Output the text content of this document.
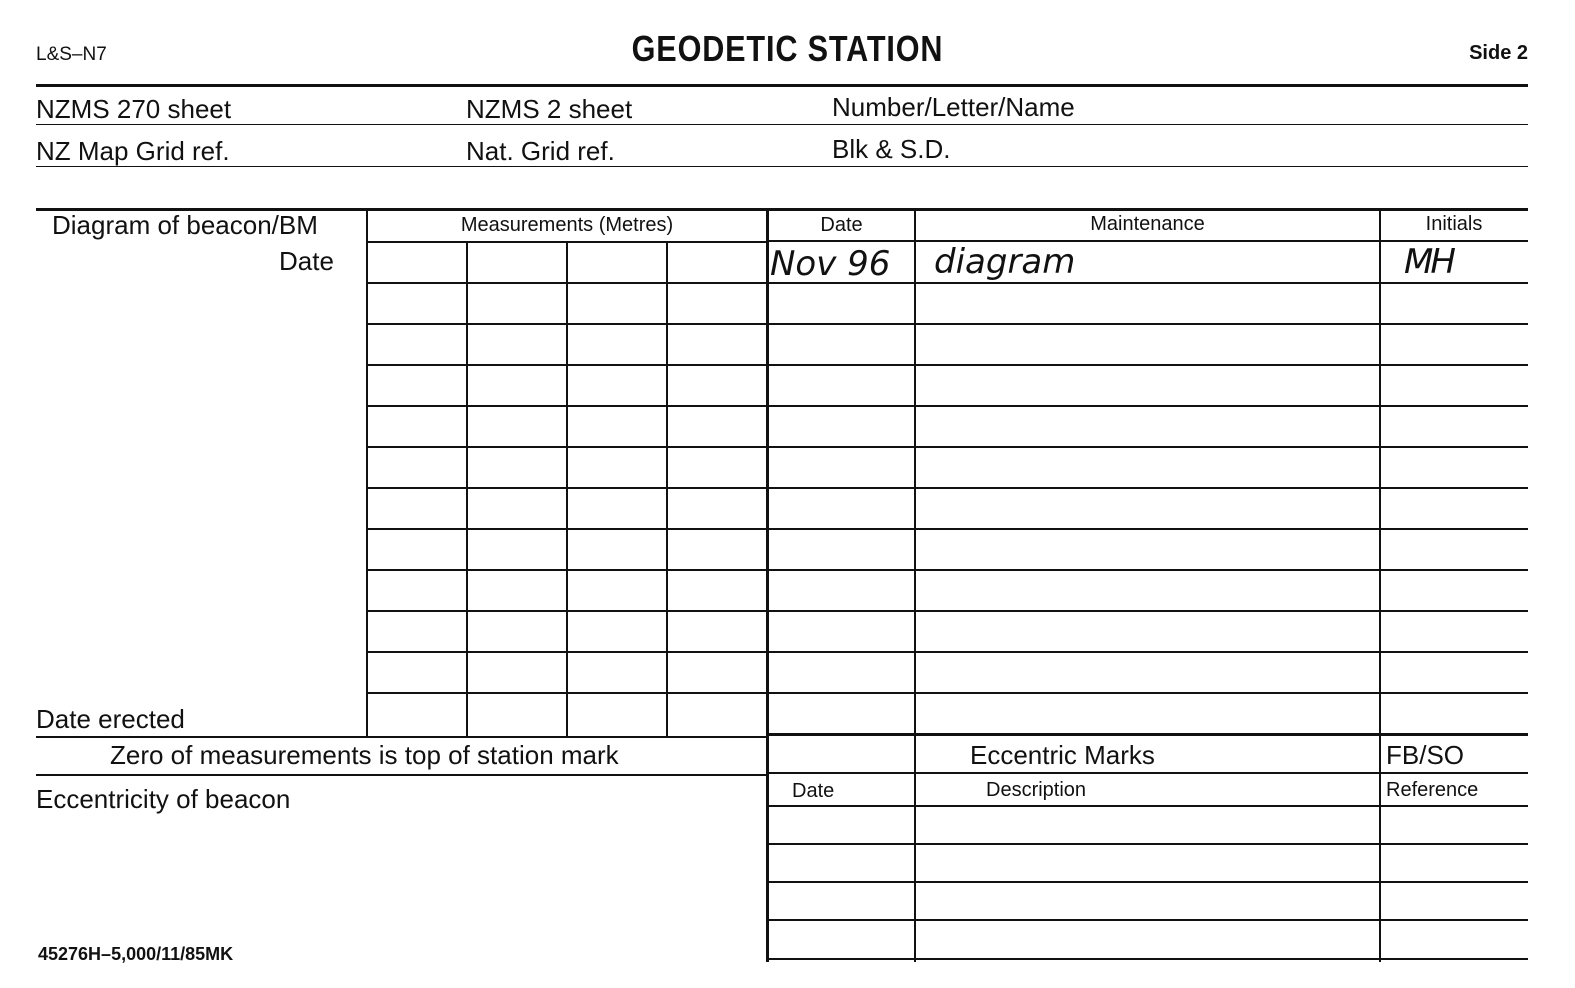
L&S–N7	GEODETIC STATION	Side 2
NZMS 270 sheet	NZMS 2 sheet	Number/Letter/Name
NZ Map Grid ref.	Nat. Grid ref.	Blk & S.D.
Diagram of beacon/BM
Date
Date erected
Zero of measurements is top of station mark
Eccentricity of beacon
Measurements (Metres)	Date	Maintenance	Initials
Nov 96 diagram	MH
Eccentric Marks	FB/SO
Date	Description	Reference
45276H–5,000/11/85MK
